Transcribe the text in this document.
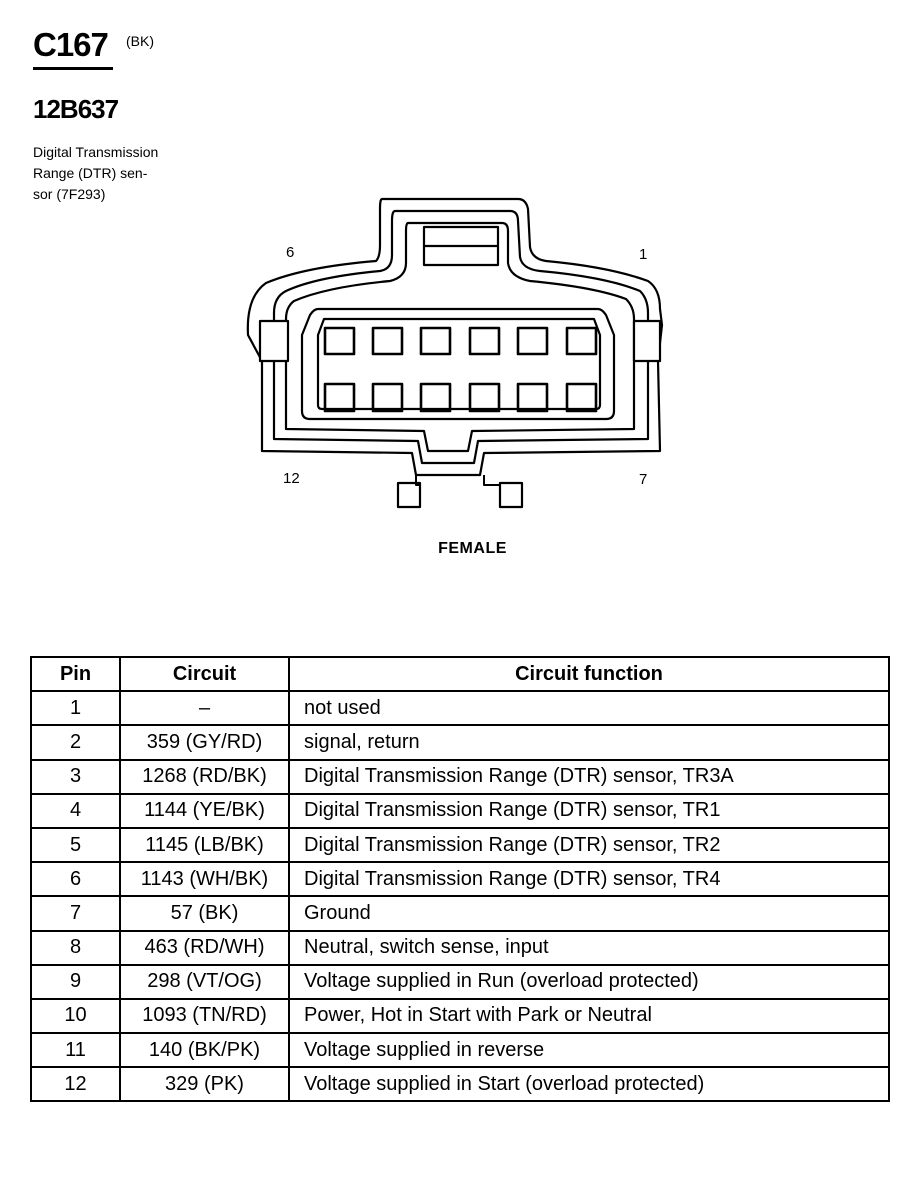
C167 (BK)
12B637
Digital Transmission
Range (DTR) sen-
sor (7F293)
6	1
12	7
FEMALE
Pin	Circuit	Circuit function
1	–	not used
2	359 (GY/RD)	signal, return
3	1268 (RD/BK)	Digital Transmission Range (DTR) sensor, TR3A
4	1144 (YE/BK)	Digital Transmission Range (DTR) sensor, TR1
5	1145 (LB/BK)	Digital Transmission Range (DTR) sensor, TR2
6	1143 (WH/BK)	Digital Transmission Range (DTR) sensor, TR4
7	57 (BK)	Ground
8	463 (RD/WH)	Neutral, switch sense, input
9	298 (VT/OG)	Voltage supplied in Run (overload protected)
10	1093 (TN/RD)	Power, Hot in Start with Park or Neutral
11	140 (BK/PK)	Voltage supplied in reverse
12	329 (PK)	Voltage supplied in Start (overload protected)
